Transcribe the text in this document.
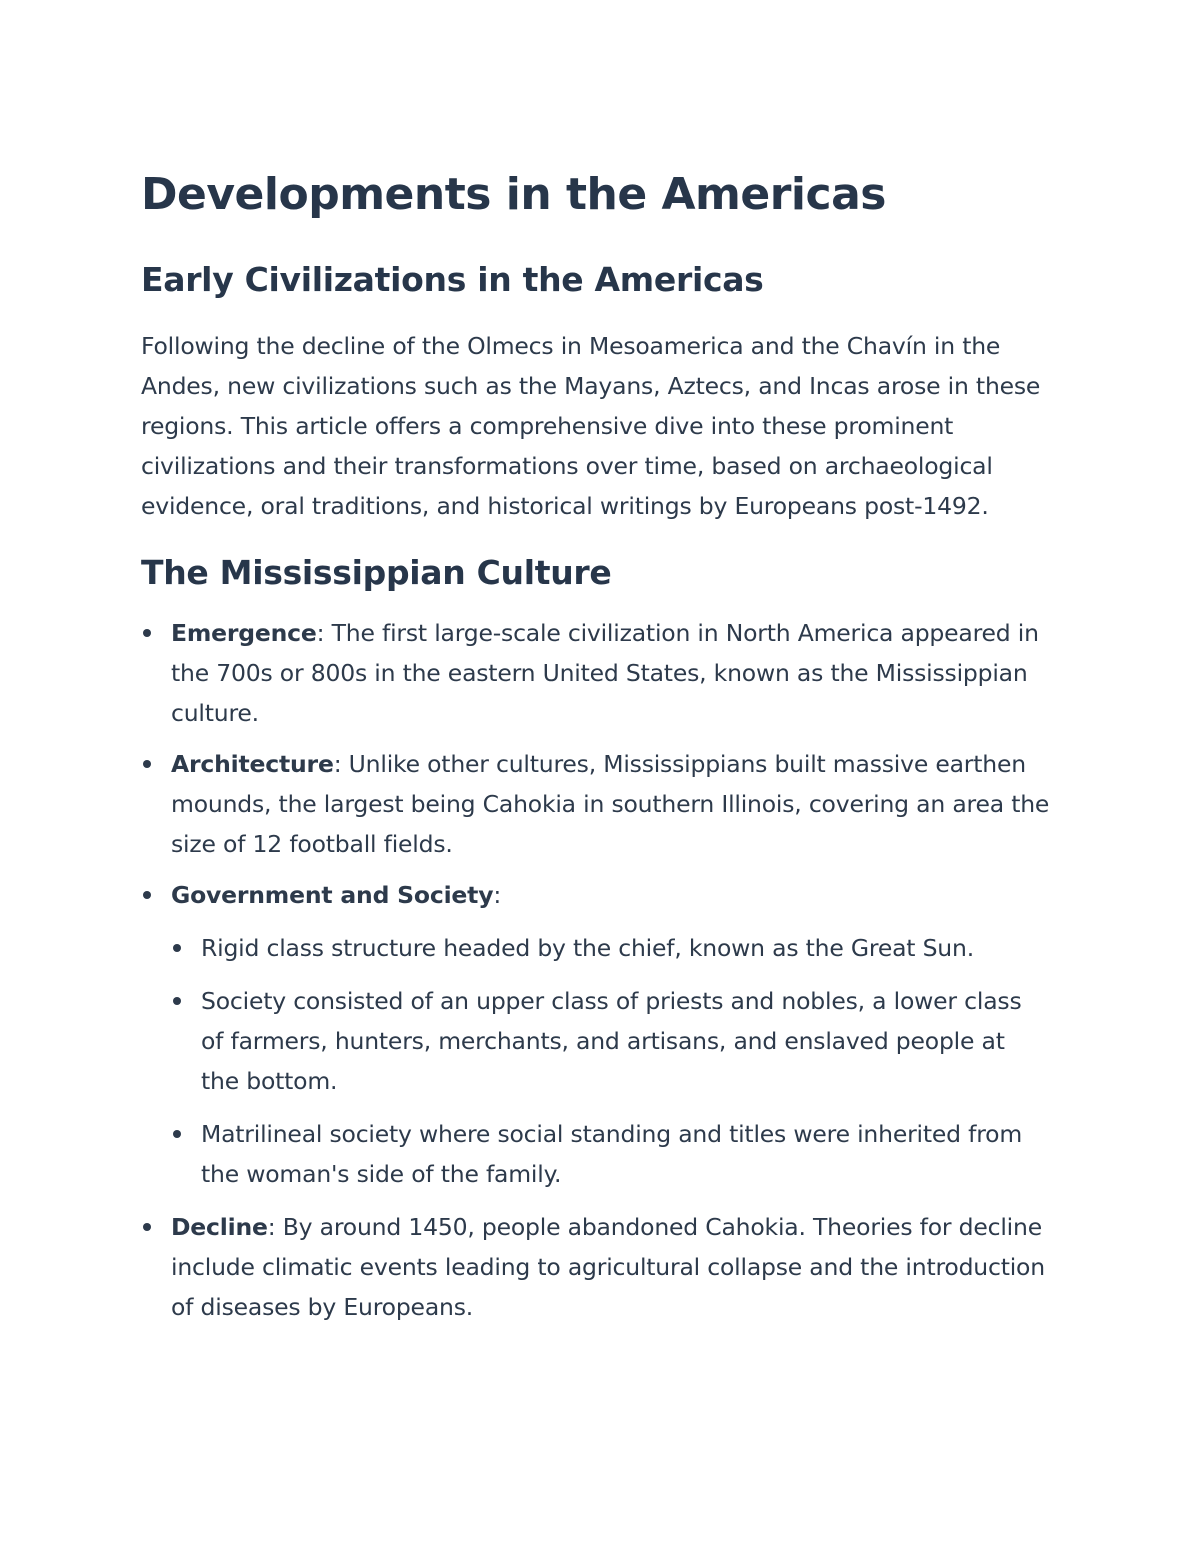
Developments in the Americas
Early Civilizations in the Americas

Following the decline of the Olmecs in Mesoamerica and the Chavín in the Andes, new civilizations such as the Mayans, Aztecs, and Incas arose in these regions. This article offers a comprehensive dive into these prominent civilizations and their transformations over time, based on archaeological evidence, oral traditions, and historical writings by Europeans post-1492.

The Mississippian Culture
Emergence: The first large-scale civilization in North America appeared in the 700s or 800s in the eastern United States, known as the Mississippian culture.
Architecture: Unlike other cultures, Mississippians built massive earthen mounds, the largest being Cahokia in southern Illinois, covering an area the size of 12 football fields.
Government and Society:
Rigid class structure headed by the chief, known as the Great Sun.
Society consisted of an upper class of priests and nobles, a lower class of farmers, hunters, merchants, and artisans, and enslaved people at the bottom.
Matrilineal society where social standing and titles were inherited from the woman's side of the family.
Decline: By around 1450, people abandoned Cahokia. Theories for decline include climatic events leading to agricultural collapse and the introduction of diseases by Europeans.
